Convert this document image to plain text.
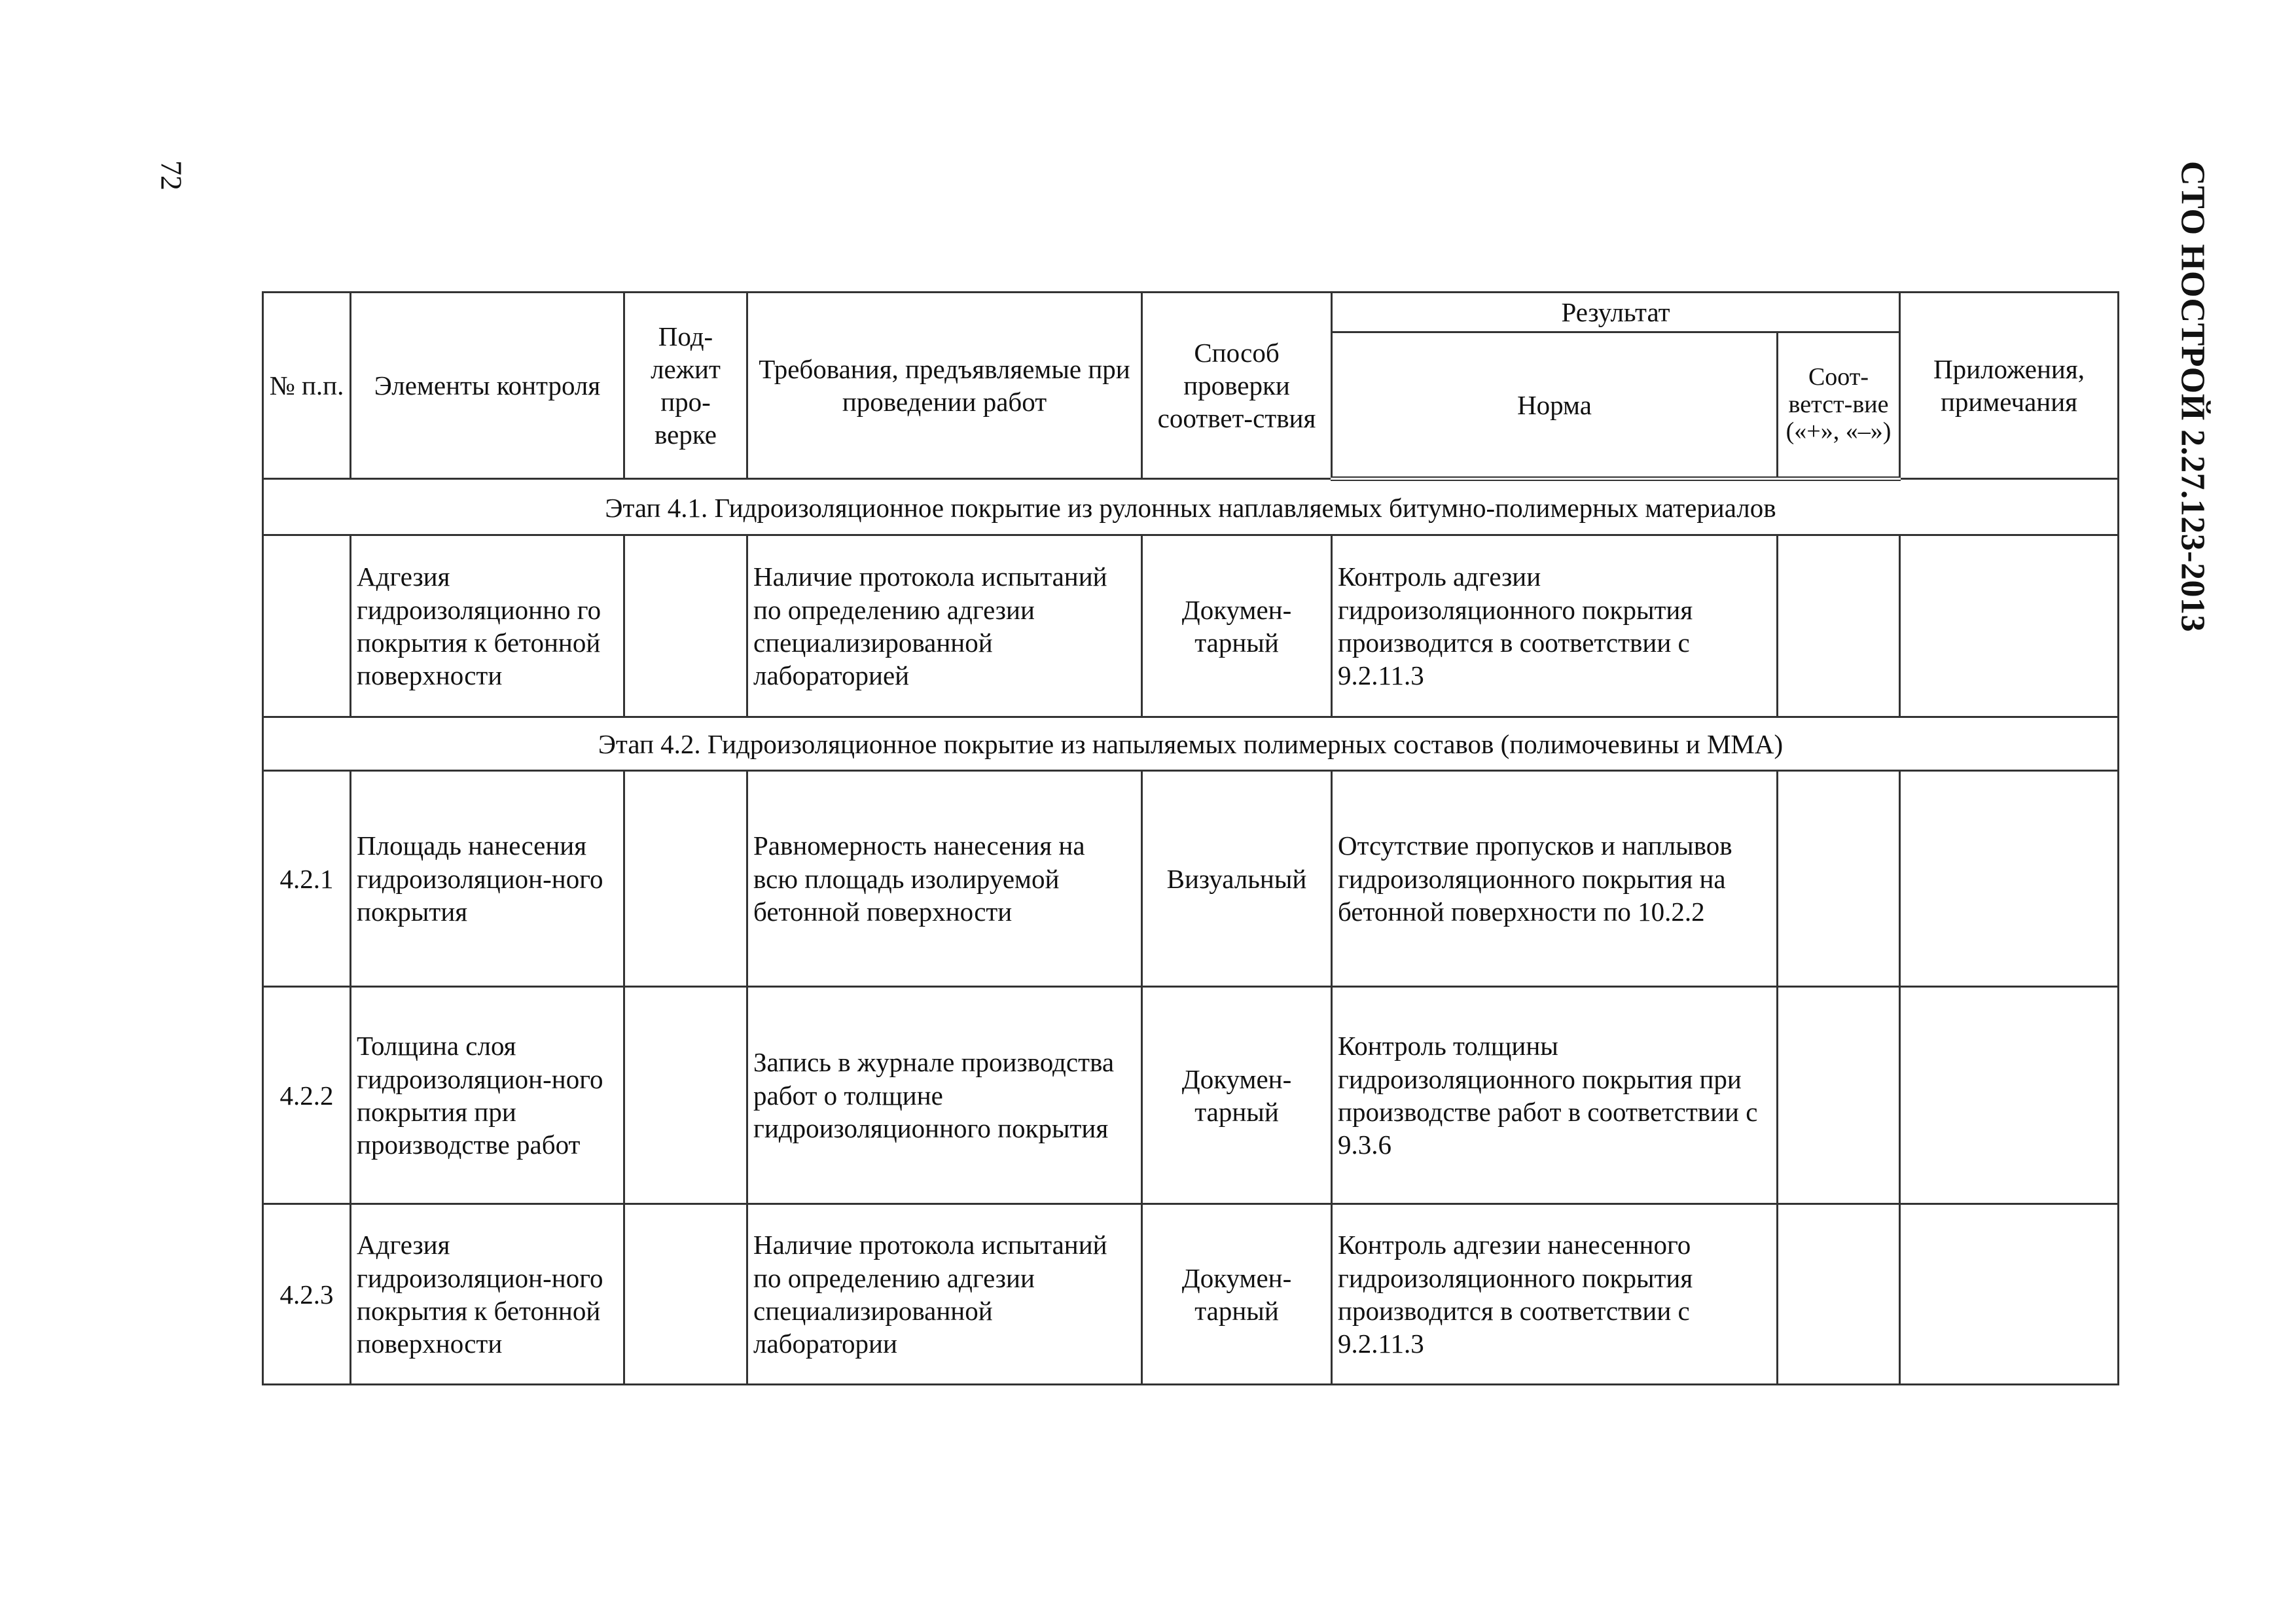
72	СТО НОСТРОЙ 2.27.123-2013
№ п.п.	Элементы контроля	Под-лежит про-верке	Требования, предъявляемые при проведении работ	Способ проверки соответ-ствия	Результат		Приложения, примечания
					Норма	Соот-ветст-вие («+», «–»)	
Этап 4.1. Гидроизоляционное покрытие из рулонных наплавляемых битумно-полимерных материалов							
	Адгезия гидроизоляционно го покрытия к бетонной поверхности		Наличие протокола испытаний по определению адгезии специализированной лабораторией	Докумен-тарный	Контроль адгезии гидроизоляционного покрытия производится в соответствии с 9.2.11.3		
Этап 4.2. Гидроизоляционное покрытие из напыляемых полимерных составов (полимочевины и ММА)							
4.2.1	Площадь нанесения гидроизоляцион-ного покрытия		Равномерность нанесения на всю площадь изолируемой бетонной поверхности	Визуальный	Отсутствие пропусков и наплывов гидроизоляционного покрытия на бетонной поверхности по 10.2.2		
4.2.2	Толщина слоя гидроизоляцион-ного покрытия при производстве работ		Запись в журнале производства работ о толщине гидроизоляционного покрытия	Докумен-тарный	Контроль толщины гидроизоляционного покрытия при производстве работ в соответствии с 9.3.6		
4.2.3	Адгезия гидроизоляцион-ного покрытия к бетонной поверхности		Наличие протокола испытаний по определению адгезии специализированной лаборатории	Докумен-тарный	Контроль адгезии нанесенного гидроизоляционного покрытия производится в соответствии с 9.2.11.3		
